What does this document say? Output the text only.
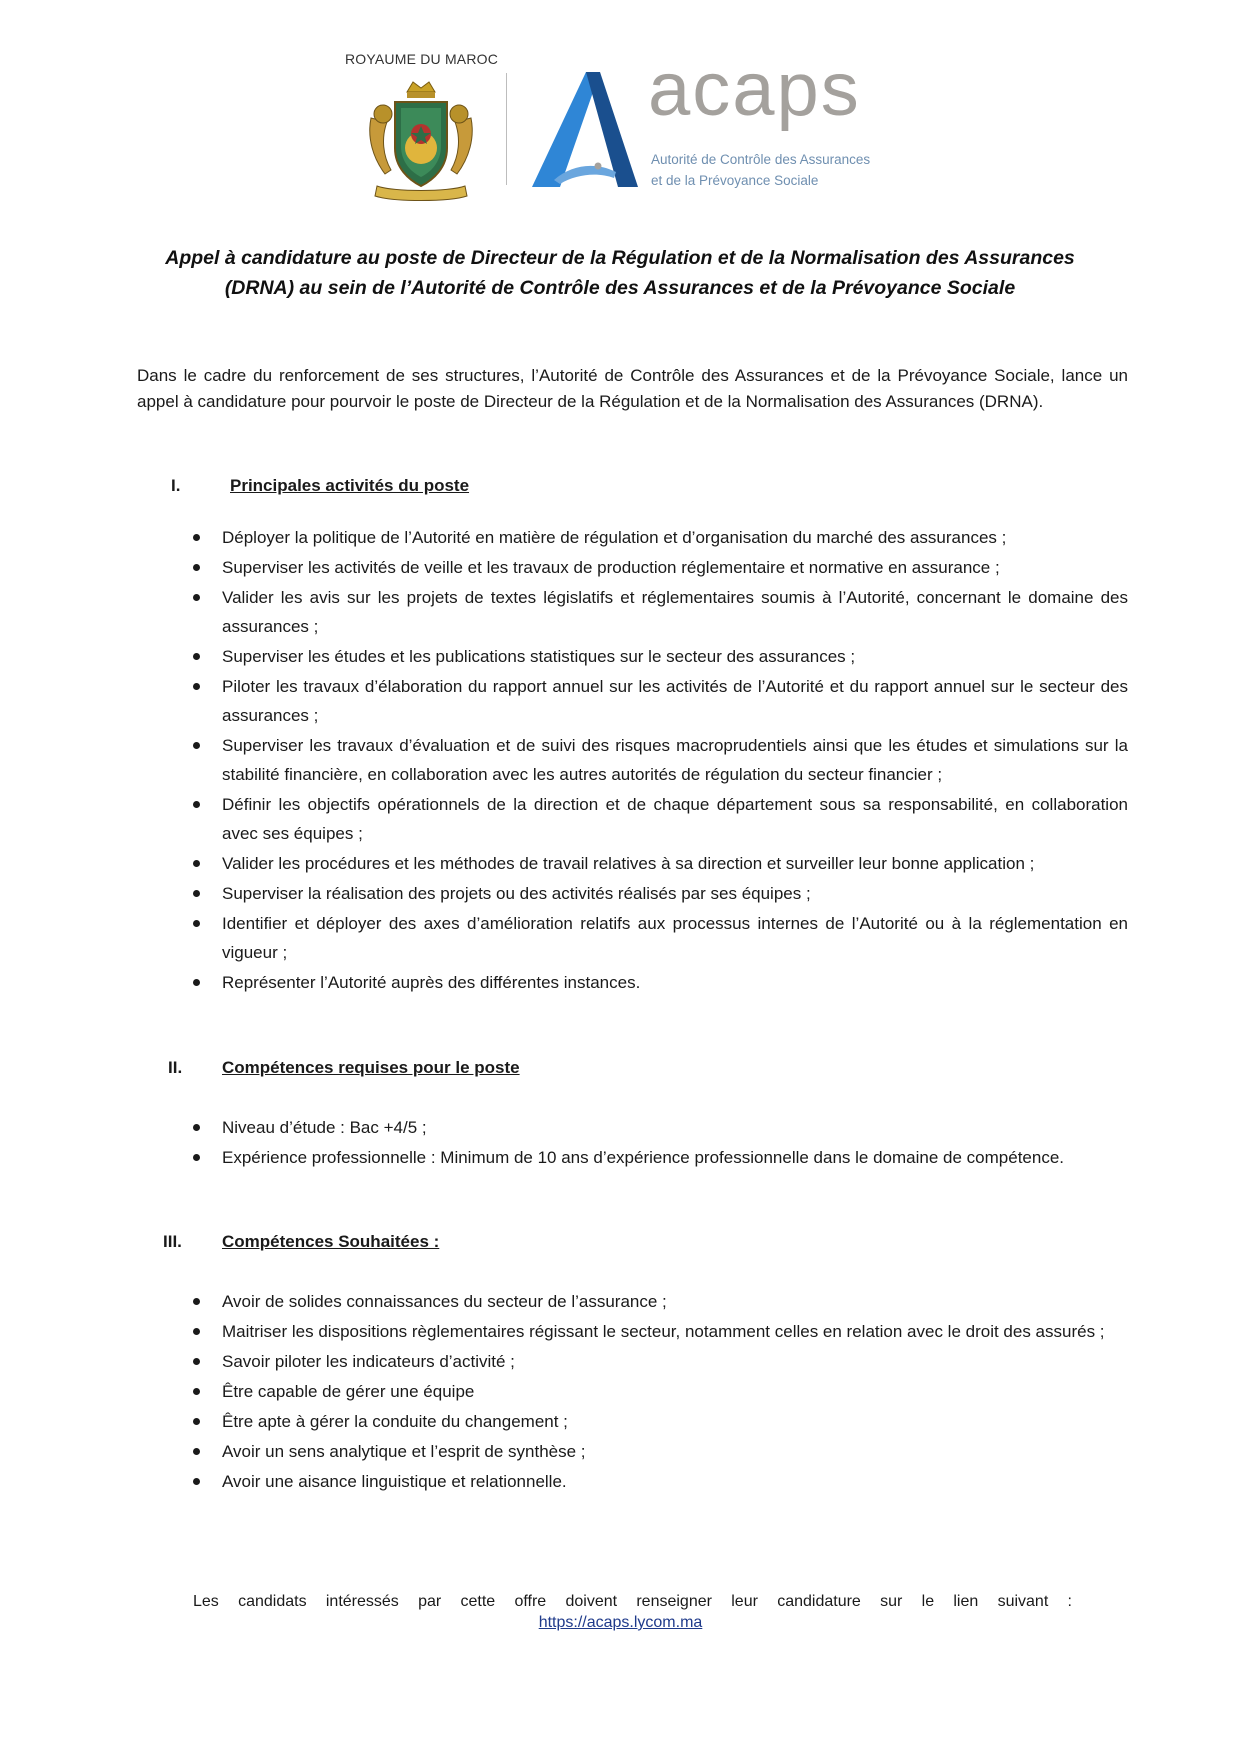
ROYAUME DU MAROC acaps
Autorité de Contrôle des Assurances
et de la Prévoyance Sociale
Appel à candidature au poste de Directeur de la Régulation et de la Normalisation des Assurances
(DRNA) au sein de l’Autorité de Contrôle des Assurances et de la Prévoyance Sociale
Dans le cadre du renforcement de ses structures, l’Autorité de Contrôle des Assurances et de la Prévoyance Sociale, lance un appel à candidature pour pourvoir le poste de Directeur de la Régulation et de la Normalisation des Assurances (DRNA).
I.	Principales activités du poste
Déployer la politique de l’Autorité en matière de régulation et d’organisation du marché des assurances ;
Superviser les activités de veille et les travaux de production réglementaire et normative en assurance ;
Valider les avis sur les projets de textes législatifs et réglementaires soumis à l’Autorité, concernant le domaine des assurances ;
Superviser les études et les publications statistiques sur le secteur des assurances ;
Piloter les travaux d’élaboration du rapport annuel sur les activités de l’Autorité et du rapport annuel sur le secteur des assurances ;
Superviser les travaux d’évaluation et de suivi des risques macroprudentiels ainsi que les études et simulations sur la stabilité financière, en collaboration avec les autres autorités de régulation du secteur financier ;
Définir les objectifs opérationnels de la direction et de chaque département sous sa responsabilité, en collaboration avec ses équipes ;
Valider les procédures et les méthodes de travail relatives à sa direction et surveiller leur bonne application ;
Superviser la réalisation des projets ou des activités réalisés par ses équipes ;
Identifier et déployer des axes d’amélioration relatifs aux processus internes de l’Autorité ou à la réglementation en vigueur ;
Représenter l’Autorité auprès des différentes instances.
II. Compétences requises pour le poste
Niveau d’étude : Bac +4/5 ;
Expérience professionnelle : Minimum de 10 ans d’expérience professionnelle dans le domaine de compétence.
III. Compétences Souhaitées :
Avoir de solides connaissances du secteur de l’assurance ;
Maitriser les dispositions règlementaires régissant le secteur, notamment celles en relation avec le droit des assurés ;
Savoir piloter les indicateurs d’activité ;
Être capable de gérer une équipe
Être apte à gérer la conduite du changement ;
Avoir un sens analytique et l’esprit de synthèse ;
Avoir une aisance linguistique et relationnelle.
Les candidats intéressés par cette offre doivent renseigner leur candidature sur le lien suivant :
https://acaps.lycom.ma
